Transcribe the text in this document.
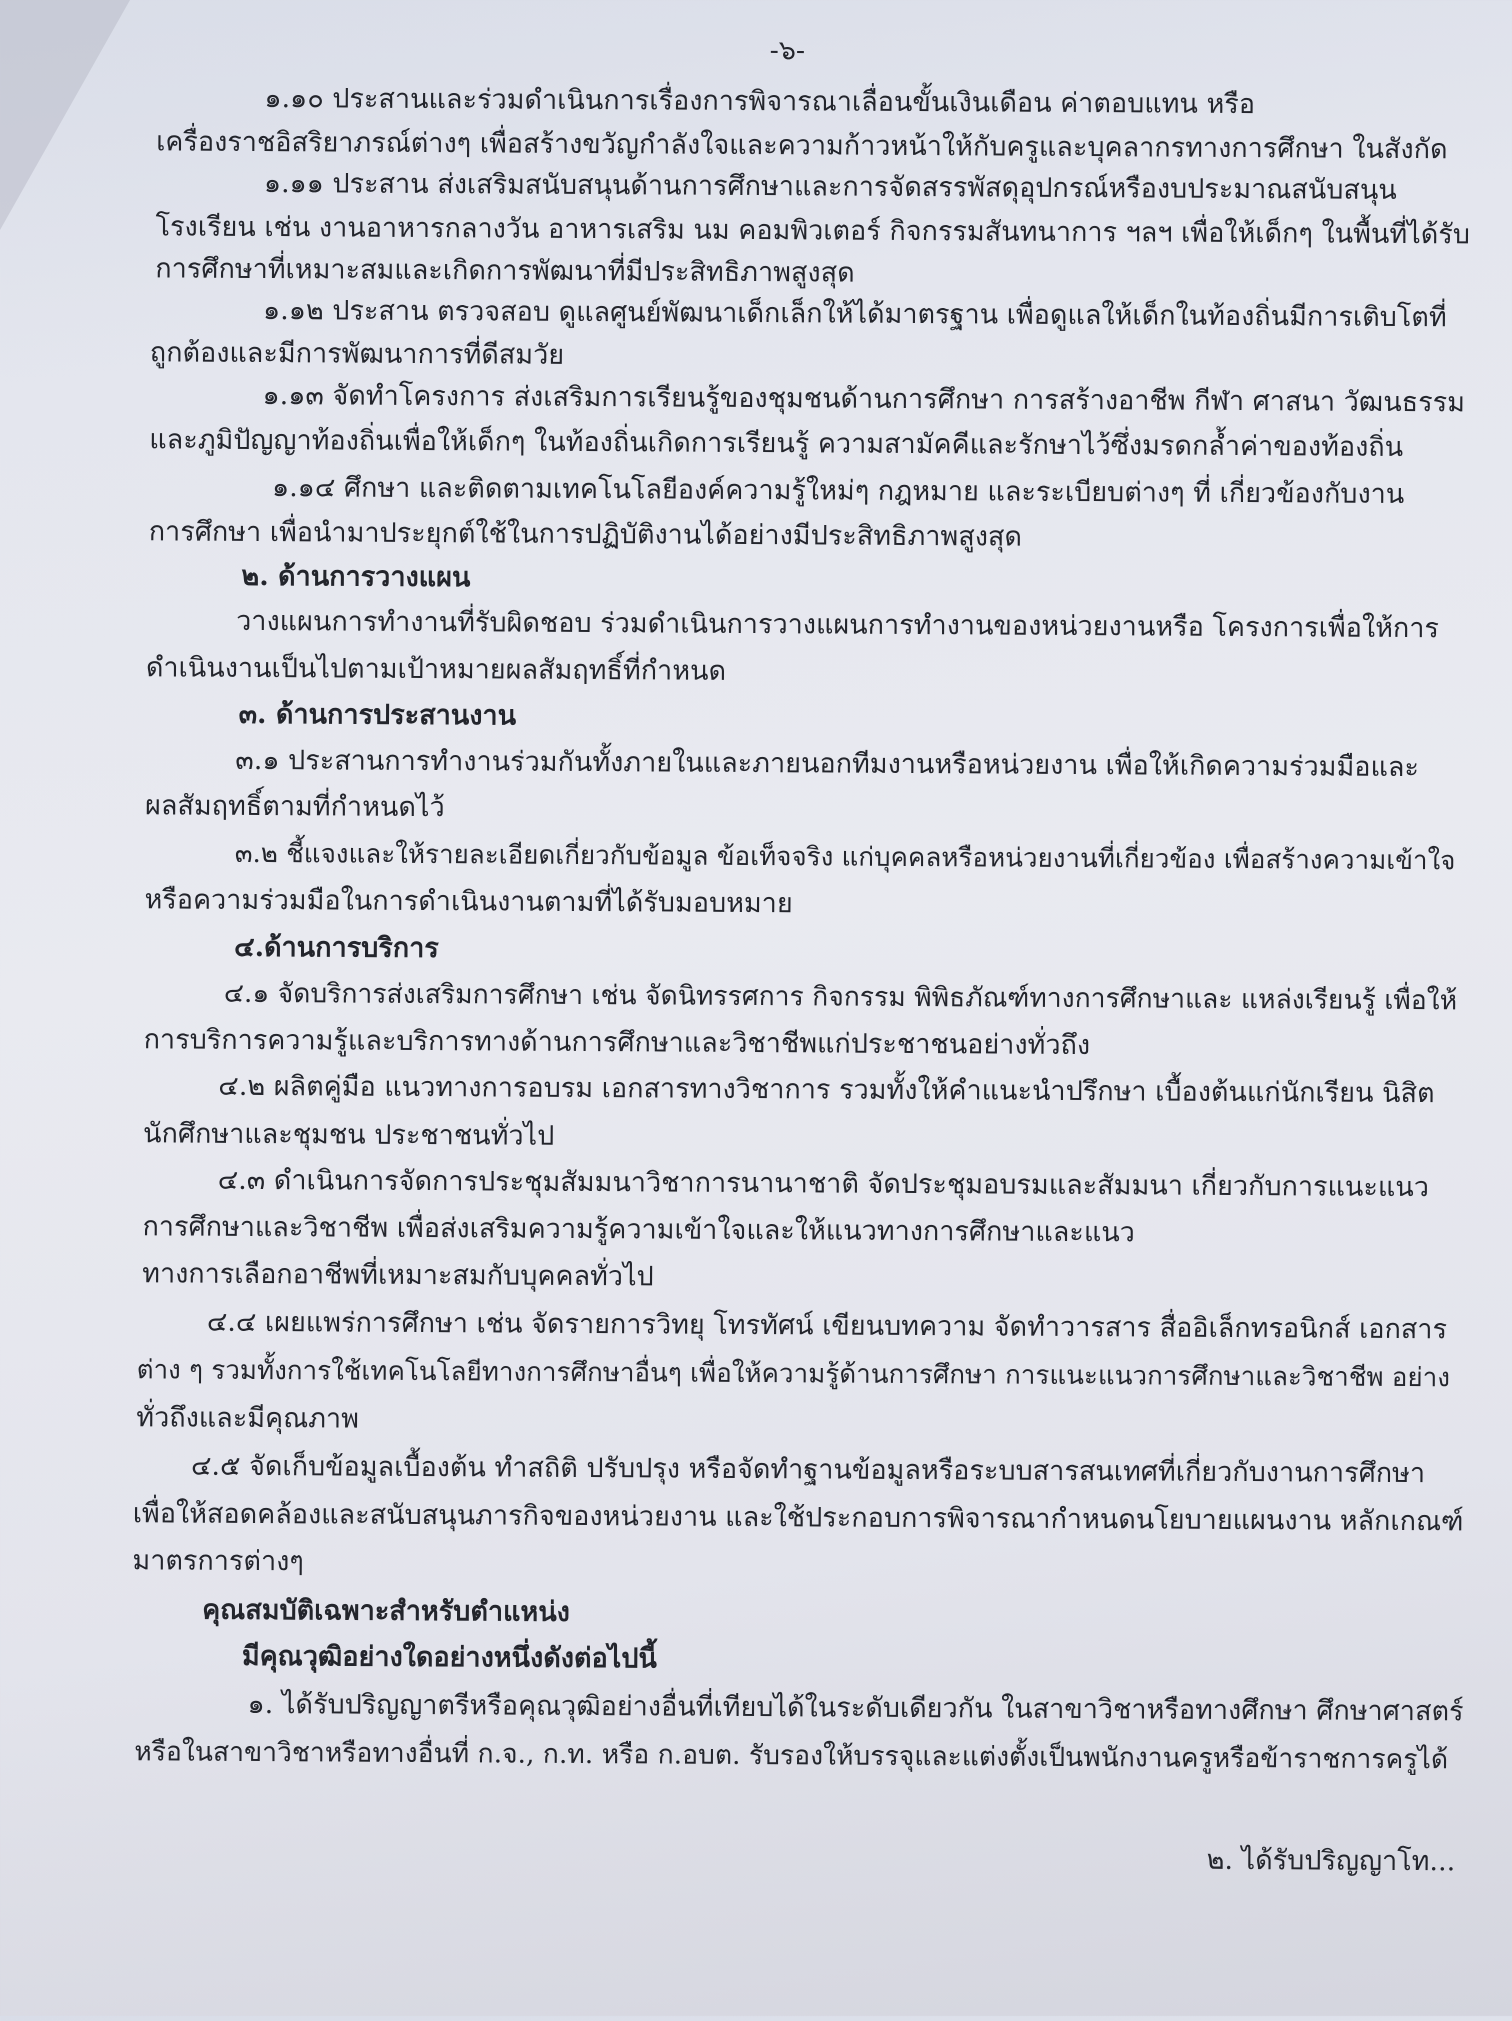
-๖-
๑.๑๐ ประสานและร่วมดำเนินการเรื่องการพิจารณาเลื่อนขั้นเงินเดือน ค่าตอบแทน หรือ
เครื่องราชอิสริยาภรณ์ต่างๆ เพื่อสร้างขวัญกำลังใจและความก้าวหน้าให้กับครูและบุคลากรทางการศึกษา ในสังกัด
๑.๑๑ ประสาน ส่งเสริมสนับสนุนด้านการศึกษาและการจัดสรรพัสดุอุปกรณ์หรืองบประมาณสนับสนุน
โรงเรียน เช่น งานอาหารกลางวัน อาหารเสริม นม คอมพิวเตอร์ กิจกรรมสันทนาการ ฯลฯ เพื่อให้เด็กๆ ในพื้นที่ได้รับ
การศึกษาที่เหมาะสมและเกิดการพัฒนาที่มีประสิทธิภาพสูงสุด
๑.๑๒ ประสาน ตรวจสอบ ดูแลศูนย์พัฒนาเด็กเล็กให้ได้มาตรฐาน เพื่อดูแลให้เด็กในท้องถิ่นมีการเติบโตที่
ถูกต้องและมีการพัฒนาการที่ดีสมวัย
๑.๑๓ จัดทำโครงการ ส่งเสริมการเรียนรู้ของชุมชนด้านการศึกษา การสร้างอาชีพ กีฬา ศาสนา วัฒนธรรม
และภูมิปัญญาท้องถิ่นเพื่อให้เด็กๆ ในท้องถิ่นเกิดการเรียนรู้ ความสามัคคีและรักษาไว้ซึ่งมรดกล้ำค่าของท้องถิ่น
๑.๑๔ ศึกษา และติดตามเทคโนโลยีองค์ความรู้ใหม่ๆ กฎหมาย และระเบียบต่างๆ ที่ เกี่ยวข้องกับงาน
การศึกษา เพื่อนำมาประยุกต์ใช้ในการปฏิบัติงานได้อย่างมีประสิทธิภาพสูงสุด
๒. ด้านการวางแผน
วางแผนการทำงานที่รับผิดชอบ ร่วมดำเนินการวางแผนการทำงานของหน่วยงานหรือ โครงการเพื่อให้การ
ดำเนินงานเป็นไปตามเป้าหมายผลสัมฤทธิ์ที่กำหนด
๓. ด้านการประสานงาน
๓.๑ ประสานการทำงานร่วมกันทั้งภายในและภายนอกทีมงานหรือหน่วยงาน เพื่อให้เกิดความร่วมมือและ
ผลสัมฤทธิ์ตามที่กำหนดไว้
๓.๒ ชี้แจงและให้รายละเอียดเกี่ยวกับข้อมูล ข้อเท็จจริง แก่บุคคลหรือหน่วยงานที่เกี่ยวข้อง เพื่อสร้างความเข้าใจ
หรือความร่วมมือในการดำเนินงานตามที่ได้รับมอบหมาย
๔.ด้านการบริการ
๔.๑ จัดบริการส่งเสริมการศึกษา เช่น จัดนิทรรศการ กิจกรรม พิพิธภัณฑ์ทางการศึกษาและ แหล่งเรียนรู้ เพื่อให้
การบริการความรู้และบริการทางด้านการศึกษาและวิชาชีพแก่ประชาชนอย่างทั่วถึง
๔.๒ ผลิตคู่มือ แนวทางการอบรม เอกสารทางวิชาการ รวมทั้งให้คำแนะนำปรึกษา เบื้องต้นแก่นักเรียน นิสิต
นักศึกษาและชุมชน ประชาชนทั่วไป
๔.๓ ดำเนินการจัดการประชุมสัมมนาวิชาการนานาชาติ จัดประชุมอบรมและสัมมนา เกี่ยวกับการแนะแนว
การศึกษาและวิชาชีพ เพื่อส่งเสริมความรู้ความเข้าใจและให้แนวทางการศึกษาและแนว
ทางการเลือกอาชีพที่เหมาะสมกับบุคคลทั่วไป
๔.๔ เผยแพร่การศึกษา เช่น จัดรายการวิทยุ โทรทัศน์ เขียนบทความ จัดทำวารสาร สื่ออิเล็กทรอนิกส์ เอกสาร
ต่าง ๆ รวมทั้งการใช้เทคโนโลยีทางการศึกษาอื่นๆ เพื่อให้ความรู้ด้านการศึกษา การแนะแนวการศึกษาและวิชาชีพ อย่าง
ทั่วถึงและมีคุณภาพ
๔.๕ จัดเก็บข้อมูลเบื้องต้น ทำสถิติ ปรับปรุง หรือจัดทำฐานข้อมูลหรือระบบสารสนเทศที่เกี่ยวกับงานการศึกษา
เพื่อให้สอดคล้องและสนับสนุนภารกิจของหน่วยงาน และใช้ประกอบการพิจารณากำหนดนโยบายแผนงาน หลักเกณฑ์
มาตรการต่างๆ
คุณสมบัติเฉพาะสำหรับตำแหน่ง
มีคุณวุฒิอย่างใดอย่างหนึ่งดังต่อไปนี้
๑. ได้รับปริญญาตรีหรือคุณวุฒิอย่างอื่นที่เทียบได้ในระดับเดียวกัน ในสาขาวิชาหรือทางศึกษา ศึกษาศาสตร์
หรือในสาขาวิชาหรือทางอื่นที่ ก.จ., ก.ท. หรือ ก.อบต. รับรองให้บรรจุและแต่งตั้งเป็นพนักงานครูหรือข้าราชการครูได้
๒. ได้รับปริญญาโท...
